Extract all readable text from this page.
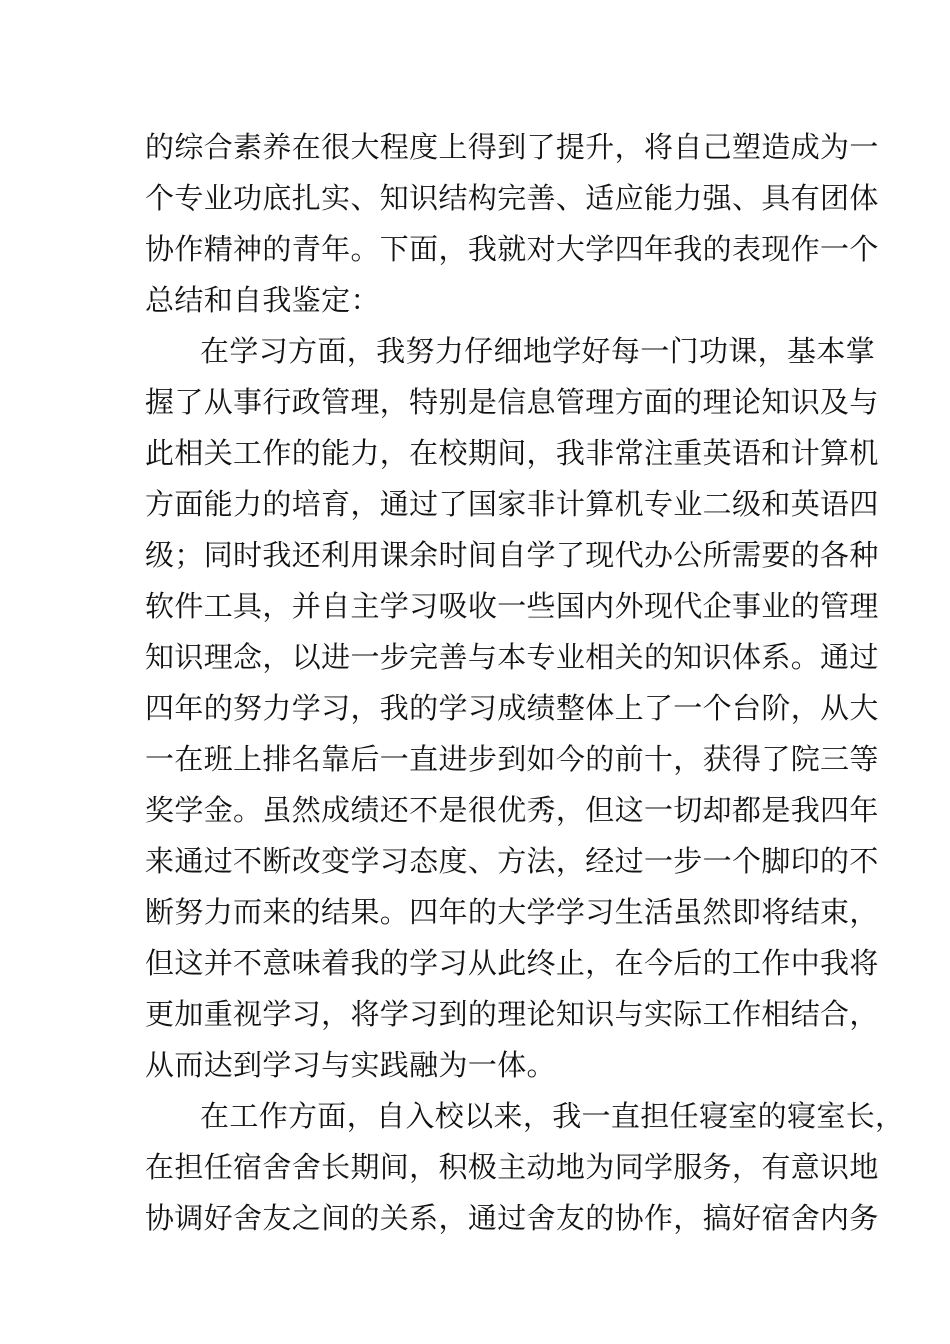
的综合素养在很大程度上得到了提升，将自己塑造成为一
个专业功底扎实、知识结构完善、适应能力强、具有团体
协作精神的青年。下面，我就对大学四年我的表现作一个
总结和自我鉴定：
在学习方面，我努力仔细地学好每一门功课，基本掌
握了从事行政管理，特别是信息管理方面的理论知识及与
此相关工作的能力，在校期间，我非常注重英语和计算机
方面能力的培育，通过了国家非计算机专业二级和英语四
级；同时我还利用课余时间自学了现代办公所需要的各种
软件工具，并自主学习吸收一些国内外现代企事业的管理
知识理念，以进一步完善与本专业相关的知识体系。通过
四年的努力学习，我的学习成绩整体上了一个台阶，从大
一在班上排名靠后一直进步到如今的前十，获得了院三等
奖学金。虽然成绩还不是很优秀，但这一切却都是我四年
来通过不断改变学习态度、方法，经过一步一个脚印的不
断努力而来的结果。四年的大学学习生活虽然即将结束，
但这并不意味着我的学习从此终止，在今后的工作中我将
更加重视学习，将学习到的理论知识与实际工作相结合，
从而达到学习与实践融为一体。
在工作方面，自入校以来，我一直担任寝室的寝室长，
在担任宿舍舍长期间，积极主动地为同学服务，有意识地
协调好舍友之间的关系，通过舍友的协作，搞好宿舍内务
